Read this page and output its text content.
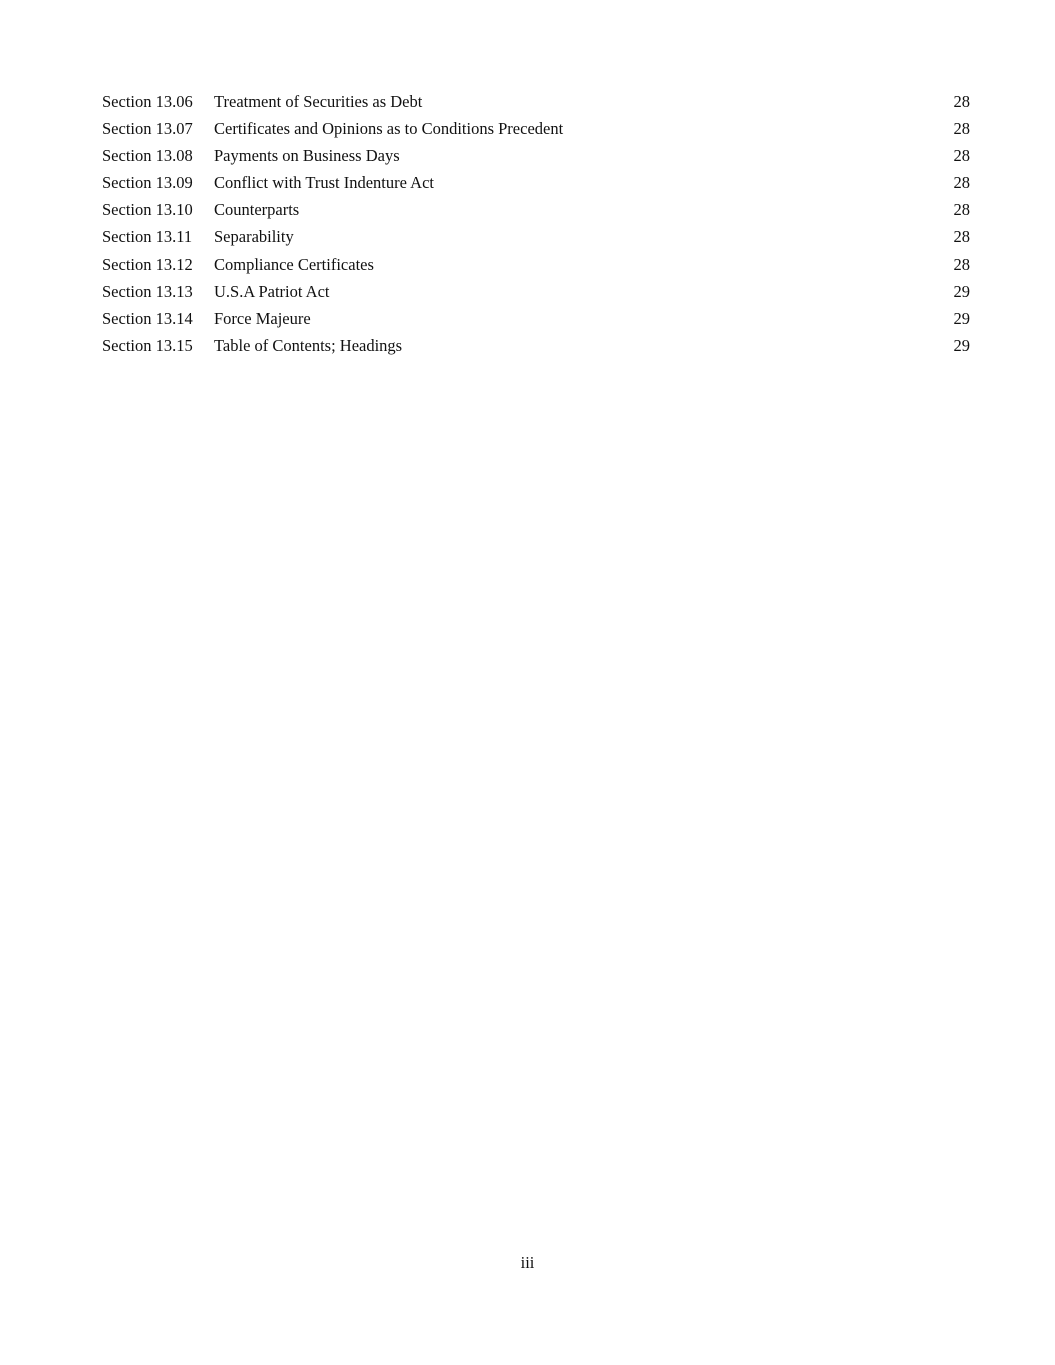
Section 13.06 Treatment of Securities as Debt	28
Section 13.07 Certificates and Opinions as to Conditions Precedent	28
Section 13.08 Payments on Business Days	28
Section 13.09 Conflict with Trust Indenture Act	28
Section 13.10 Counterparts	28
Section 13.11 Separability	28
Section 13.12 Compliance Certificates	28
Section 13.13 U.S.A Patriot Act	29
Section 13.14 Force Majeure	29
Section 13.15 Table of Contents; Headings	29
iii
